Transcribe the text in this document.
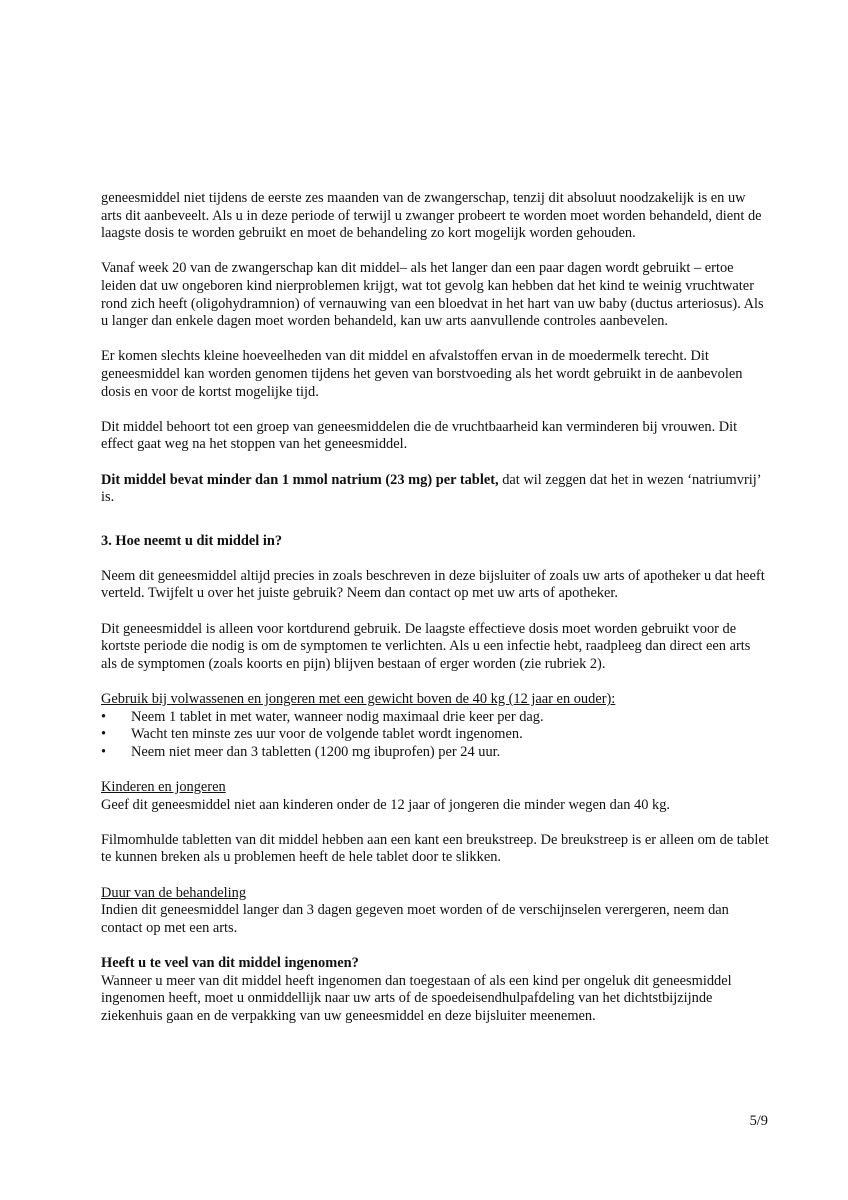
geneesmiddel niet tijdens de eerste zes maanden van de zwangerschap, tenzij dit absoluut noodzakelijk is en uw arts dit aanbeveelt. Als u in deze periode of terwijl u zwanger probeert te worden moet worden behandeld, dient de laagste dosis te worden gebruikt en moet de behandeling zo kort mogelijk worden gehouden.

Vanaf week 20 van de zwangerschap kan dit middel– als het langer dan een paar dagen wordt gebruikt – ertoe leiden dat uw ongeboren kind nierproblemen krijgt, wat tot gevolg kan hebben dat het kind te weinig vruchtwater rond zich heeft (oligohydramnion) of vernauwing van een bloedvat in het hart van uw baby (ductus arteriosus). Als u langer dan enkele dagen moet worden behandeld, kan uw arts aanvullende controles aanbevelen.

Er komen slechts kleine hoeveelheden van dit middel en afvalstoffen ervan in de moedermelk terecht. Dit geneesmiddel kan worden genomen tijdens het geven van borstvoeding als het wordt gebruikt in de aanbevolen dosis en voor de kortst mogelijke tijd.

Dit middel behoort tot een groep van geneesmiddelen die de vruchtbaarheid kan verminderen bij vrouwen. Dit effect gaat weg na het stoppen van het geneesmiddel.

Dit middel bevat minder dan 1 mmol natrium (23 mg) per tablet, dat wil zeggen dat het in wezen ‘natriumvrij’ is.

3. Hoe neemt u dit middel in?

Neem dit geneesmiddel altijd precies in zoals beschreven in deze bijsluiter of zoals uw arts of apotheker u dat heeft verteld. Twijfelt u over het juiste gebruik? Neem dan contact op met uw arts of apotheker.

Dit geneesmiddel is alleen voor kortdurend gebruik. De laagste effectieve dosis moet worden gebruikt voor de kortste periode die nodig is om de symptomen te verlichten. Als u een infectie hebt, raadpleeg dan direct een arts als de symptomen (zoals koorts en pijn) blijven bestaan of erger worden (zie rubriek 2).

Gebruik bij volwassenen en jongeren met een gewicht boven de 40 kg (12 jaar en ouder):

• Neem 1 tablet in met water, wanneer nodig maximaal drie keer per dag.
• Wacht ten minste zes uur voor de volgende tablet wordt ingenomen.
• Neem niet meer dan 3 tabletten (1200 mg ibuprofen) per 24 uur.

Kinderen en jongeren

Geef dit geneesmiddel niet aan kinderen onder de 12 jaar of jongeren die minder wegen dan 40 kg.

Filmomhulde tabletten van dit middel hebben aan een kant een breukstreep. De breukstreep is er alleen om de tablet te kunnen breken als u problemen heeft de hele tablet door te slikken.

Duur van de behandeling

Indien dit geneesmiddel langer dan 3 dagen gegeven moet worden of de verschijnselen verergeren, neem dan contact op met een arts.

Heeft u te veel van dit middel ingenomen?

Wanneer u meer van dit middel heeft ingenomen dan toegestaan of als een kind per ongeluk dit geneesmiddel ingenomen heeft, moet u onmiddellijk naar uw arts of de spoedeisendhulpafdeling van het dichtstbijzijnde ziekenhuis gaan en de verpakking van uw geneesmiddel en deze bijsluiter meenemen.

5/9
